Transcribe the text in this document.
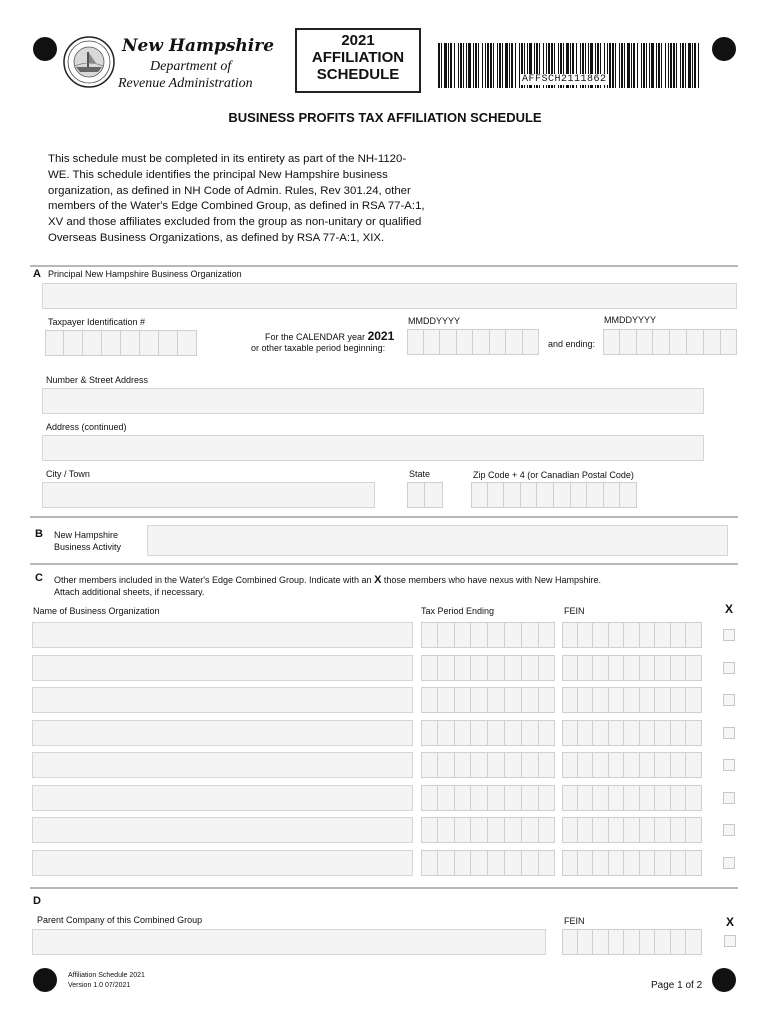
New Hampshire
Department of
Revenue Administration
2021
AFFILIATION
SCHEDULE	AFFSCH2111862
BUSINESS PROFITS TAX AFFILIATION SCHEDULE
This schedule must be completed in its entirety as part of the NH-1120-
WE. This schedule identifies the principal New Hampshire business
organization, as defined in NH Code of Admin. Rules, Rev 301.24, other
members of the Water's Edge Combined Group, as defined in RSA 77-A:1,
XV and those affiliates excluded from the group as non-unitary or qualified
Overseas Business Organizations, as defined by RSA 77-A:1, XIX.
A Principal New Hampshire Business Organization
Taxpayer Identification #
For the CALENDAR year 2021
or other taxable period beginning:
MMDDYYYY
and ending:
MMDDYYYY
Number & Street Address
Address (continued)
City / Town	State	Zip Code + 4 (or Canadian Postal Code)
B New Hampshire
Business Activity
C Other members included in the Water's Edge Combined Group. Indicate with an X those members who have nexus with New Hampshire.
Attach additional sheets, if necessary.
Name of Business Organization	Tax Period Ending	FEIN	X
D
Parent Company of this Combined Group	FEIN	X
Affiliation Schedule 2021
Version 1.0 07/2021	Page 1 of 2
